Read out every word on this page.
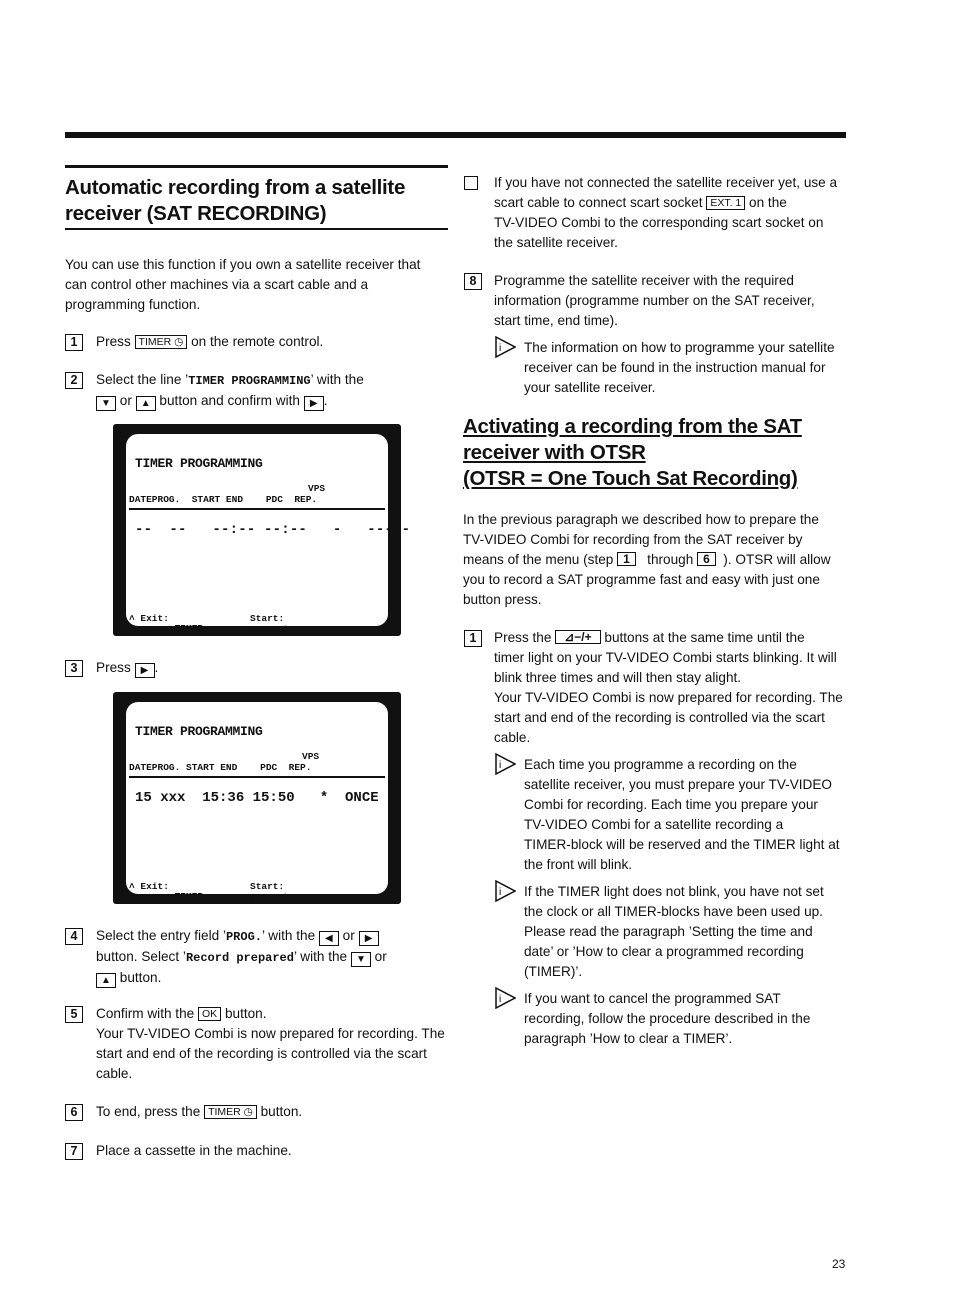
Automatic recording from a satellite
receiver (SAT RECORDING)
You can use this function if you own a satellite receiver that
can control other machines via a scart cable and a
programming function.
1	Press TIMER ◷ on the remote control.
2	Select the line ’TIMER PROGRAMMING’ with the
▼ or ▲ button and confirm with ▶ .
TIMER PROGRAMMING
VPS
DATEPROG.  START END    PDC  REP.
--  --   --:-- --:--   -   -----
˄ Exit:
˅ press TIMER
Start:
press >
3	Press ▶ .
TIMER PROGRAMMING
VPS
DATEPROG. START END    PDC  REP.
15 xxx  15:36 15:50   *  ONCE
˄ Exit:
˅ press TIMER
Start:
press >
4	Select the entry field ’PROG.’ with the ◀ or ▶
button. Select ’Record prepared’ with the ▼ or
▲ button.
5	Confirm with the OK button.
Your TV-VIDEO Combi is now prepared for recording. The
start and end of the recording is controlled via the scart
cable.
6	To end, press the TIMER ◷ button.
7	Place a cassette in the machine.
If you have not connected the satellite receiver yet, use a
scart cable to connect scart socket EXT. 1 on the
TV-VIDEO Combi to the corresponding scart socket on
the satellite receiver.
8	Programme the satellite receiver with the required
information (programme number on the SAT receiver,
start time, end time).
i The information on how to programme your satellite
receiver can be found in the instruction manual for
your satellite receiver.
Activating a recording from the SAT
receiver with OTSR
(OTSR = One Touch Sat Recording)
In the previous paragraph we described how to prepare the
TV-VIDEO Combi for recording from the SAT receiver by
means of the menu (step 1   through 6  ). OTSR will allow
you to record a SAT programme fast and easy with just one
button press.
1	Press the ⊿−/+ buttons at the same time until the
timer light on your TV-VIDEO Combi starts blinking. It will
blink three times and will then stay alight.
Your TV-VIDEO Combi is now prepared for recording. The
start and end of the recording is controlled via the scart
cable.
i Each time you programme a recording on the
satellite receiver, you must prepare your TV-VIDEO
Combi for recording. Each time you prepare your
TV-VIDEO Combi for a satellite recording a
TIMER-block will be reserved and the TIMER light at
the front will blink.
i If the TIMER light does not blink, you have not set
the clock or all TIMER-blocks have been used up.
Please read the paragraph ’Setting the time and
date’ or ’How to clear a programmed recording
(TIMER)’.
i If you want to cancel the programmed SAT
recording, follow the procedure described in the
paragraph ’How to clear a TIMER’.
23
